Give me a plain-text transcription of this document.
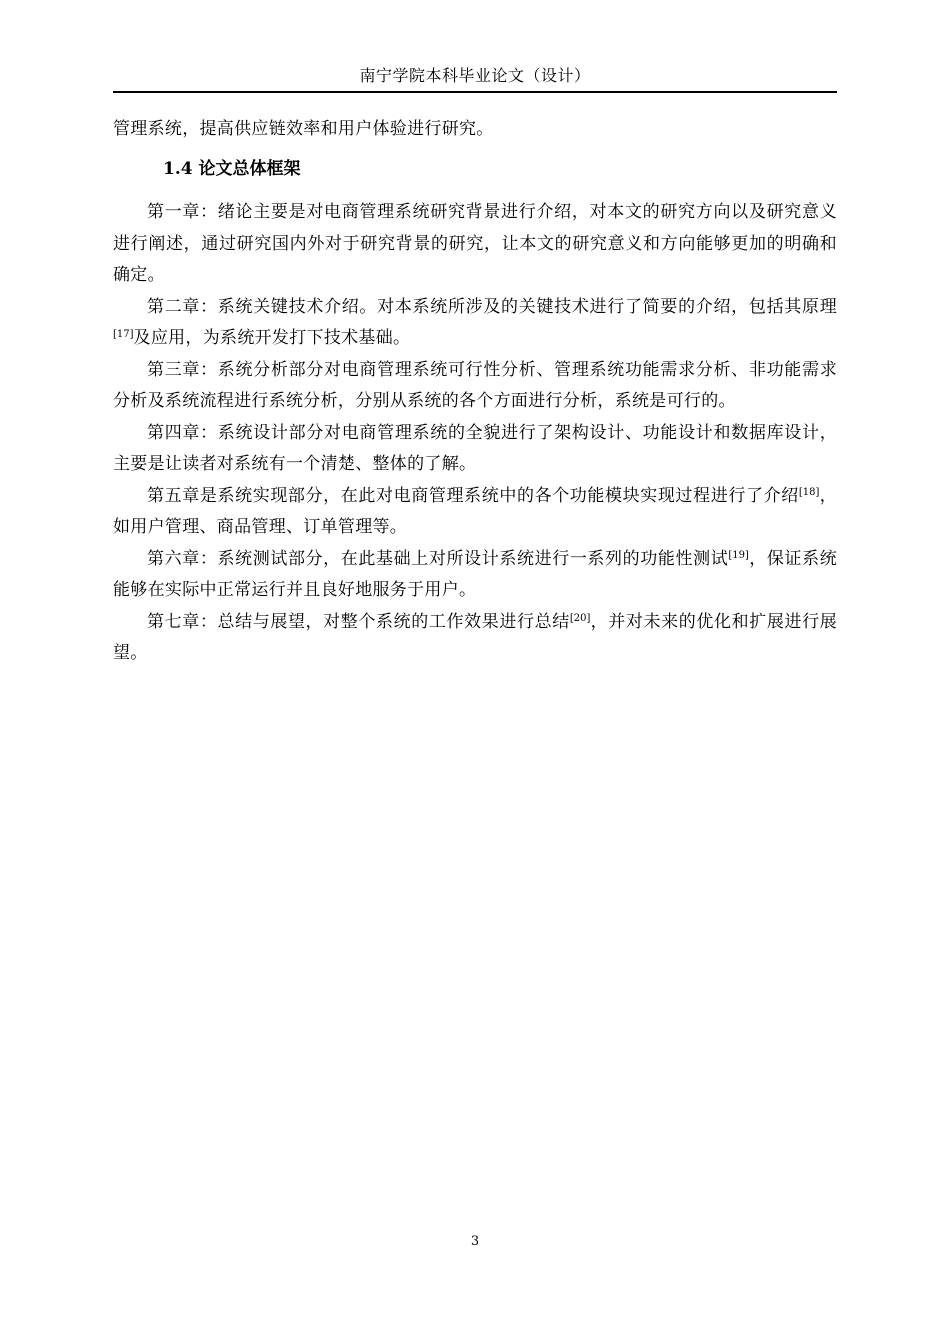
南宁学院本科毕业论文（设计）

管理系统，提高供应链效率和用户体验进行研究。

1.4 论文总体框架

第一章：绪论主要是对电商管理系统研究背景进行介绍，对本文的研究方向以及研究意义进行阐述，通过研究国内外对于研究背景的研究，让本文的研究意义和方向能够更加的明确和确定。

第二章：系统关键技术介绍。对本系统所涉及的关键技术进行了简要的介绍，包括其原理[17]及应用，为系统开发打下技术基础。

第三章：系统分析部分对电商管理系统可行性分析、管理系统功能需求分析、非功能需求分析及系统流程进行系统分析，分别从系统的各个方面进行分析，系统是可行的。

第四章：系统设计部分对电商管理系统的全貌进行了架构设计、功能设计和数据库设计，主要是让读者对系统有一个清楚、整体的了解。

第五章是系统实现部分，在此对电商管理系统中的各个功能模块实现过程进行了介绍[18]，如用户管理、商品管理、订单管理等。

第六章：系统测试部分，在此基础上对所设计系统进行一系列的功能性测试[19]，保证系统能够在实际中正常运行并且良好地服务于用户。

第七章：总结与展望，对整个系统的工作效果进行总结[20]，并对未来的优化和扩展进行展望。

3
